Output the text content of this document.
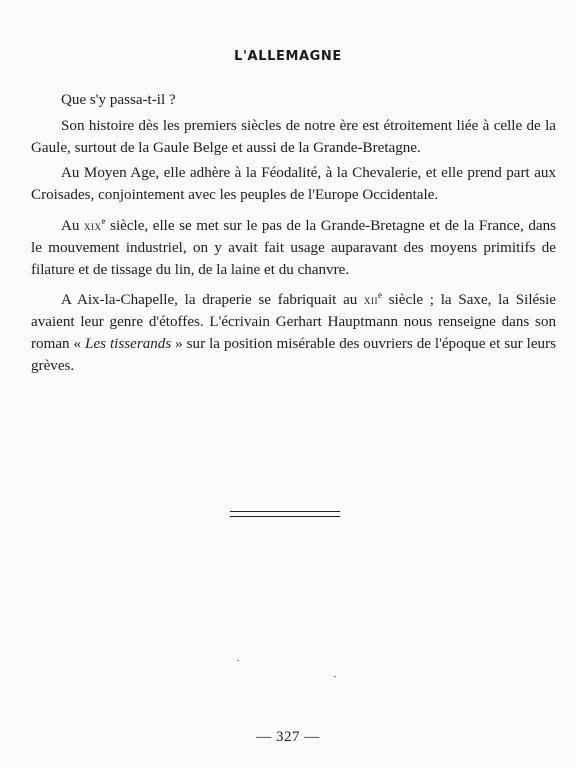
L'ALLEMAGNE

Que s'y passa-t-il ?

Son histoire dès les premiers siècles de notre ère est étroitement liée à celle de la Gaule, surtout de la Gaule Belge et aussi de la Grande-Bretagne.

Au Moyen Age, elle adhère à la Féodalité, à la Chevalerie, et elle prend part aux Croisades, conjointement avec les peuples de l'Europe Occidentale.

Au xix$^e$ siècle, elle se met sur le pas de la Grande-Bretagne et de la France, dans le mouvement industriel, on y avait fait usage auparavant des moyens primitifs de filature et de tissage du lin, de la laine et du chanvre.

A Aix-la-Chapelle, la draperie se fabriquait au xii$^e$ siècle ; la Saxe, la Silésie avaient leur genre d'étoffes. L'écrivain Gerhart Hauptmann nous renseigne dans son roman « Les tisserands » sur la position misérable des ouvriers de l'époque et sur leurs grèves.

— 327 —
